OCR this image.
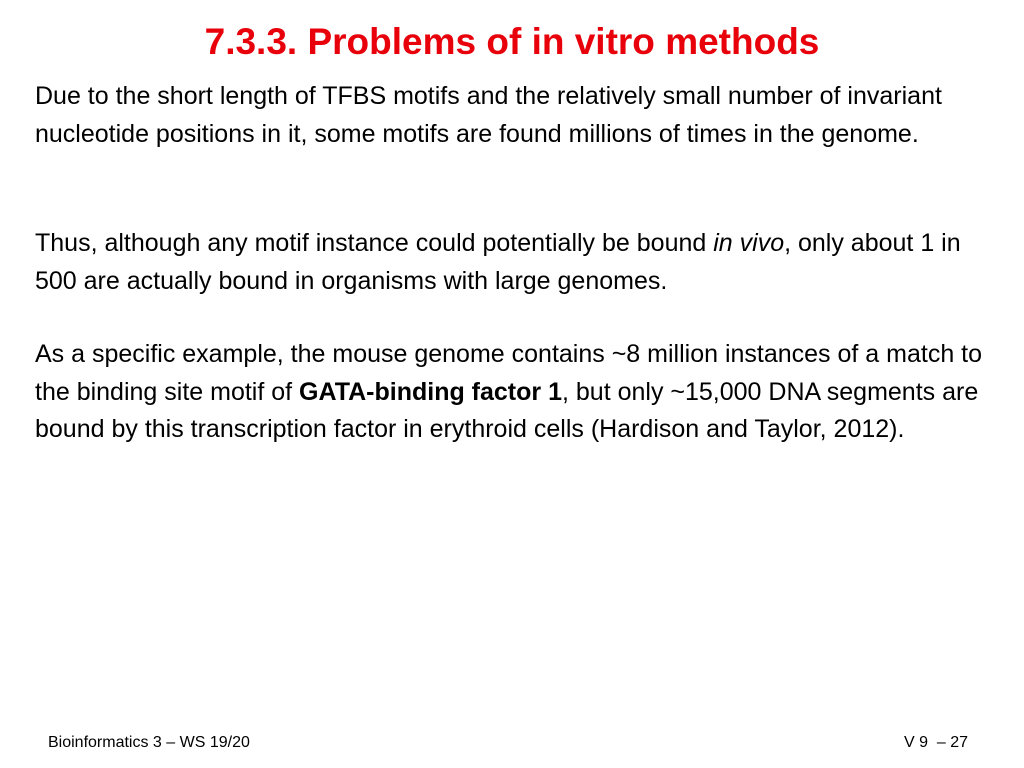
7.3.3. Problems of in vitro methods

Due to the short length of TFBS motifs and the relatively small number of invariant nucleotide positions in it, some motifs are found millions of times in the genome.

Thus, although any motif instance could potentially be bound in vivo, only about 1 in 500 are actually bound in organisms with large genomes.

As a specific example, the mouse genome contains ~8 million instances of a match to the binding site motif of GATA-binding factor 1, but only ~15,000 DNA segments are bound by this transcription factor in erythroid cells (Hardison and Taylor, 2012).

Bioinformatics 3 – WS 19/20	V 9  – 27
